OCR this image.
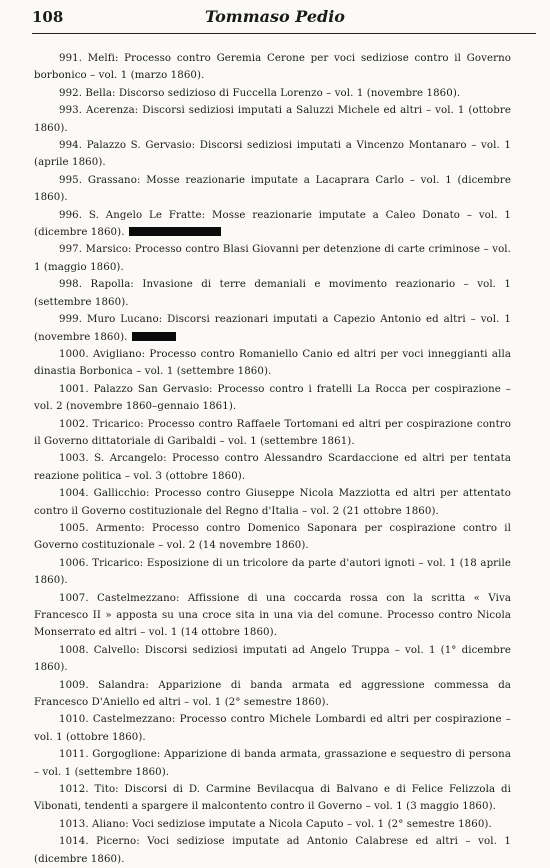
108	Tommaso Pedio
991. Melfi: Processo contro Geremia Cerone per voci sediziose contro il Governo borbonico – vol. 1 (marzo 1860).
992. Bella: Discorso sedizioso di Fuccella Lorenzo – vol. 1 (novembre 1860).
993. Acerenza: Discorsi sediziosi imputati a Saluzzi Michele ed altri – vol. 1 (ottobre 1860).
994. Palazzo S. Gervasio: Discorsi sediziosi imputati a Vincenzo Montanaro – vol. 1 (aprile 1860).
995. Grassano: Mosse reazionarie imputate a Lacaprara Carlo – vol. 1 (dicembre 1860).
996. S. Angelo Le Fratte: Mosse reazionarie imputate a Caleo Donato – vol. 1 (dicembre 1860).
997. Marsico: Processo contro Blasi Giovanni per detenzione di carte criminose – vol. 1 (maggio 1860).
998. Rapolla: Invasione di terre demaniali e movimento reazionario – vol. 1 (settembre 1860).
999. Muro Lucano: Discorsi reazionari imputati a Capezio Antonio ed altri – vol. 1 (novembre 1860).
1000. Avigliano: Processo contro Romaniello Canio ed altri per voci inneggianti alla dinastia Borbonica – vol. 1 (settembre 1860).
1001. Palazzo San Gervasio: Processo contro i fratelli La Rocca per cospirazione – vol. 2 (novembre 1860–gennaio 1861).
1002. Tricarico: Processo contro Raffaele Tortomani ed altri per cospirazione contro il Governo dittatoriale di Garibaldi – vol. 1 (settembre 1861).
1003. S. Arcangelo: Processo contro Alessandro Scardaccione ed altri per tentata reazione politica – vol. 3 (ottobre 1860).
1004. Gallicchio: Processo contro Giuseppe Nicola Mazziotta ed altri per attentato contro il Governo costituzionale del Regno d'Italia – vol. 2 (21 ottobre 1860).
1005. Armento: Processo contro Domenico Saponara per cospirazione contro il Governo costituzionale – vol. 2 (14 novembre 1860).
1006. Tricarico: Esposizione di un tricolore da parte d'autori ignoti – vol. 1 (18 aprile 1860).
1007. Castelmezzano: Affissione di una coccarda rossa con la scritta « Viva Francesco II » apposta su una croce sita in una via del comune. Processo contro Nicola Monserrato ed altri – vol. 1 (14 ottobre 1860).
1008. Calvello: Discorsi sediziosi imputati ad Angelo Truppa – vol. 1 (1° dicembre 1860).
1009. Salandra: Apparizione di banda armata ed aggressione commessa da Francesco D'Aniello ed altri – vol. 1 (2° semestre 1860).
1010. Castelmezzano: Processo contro Michele Lombardi ed altri per cospirazione – vol. 1 (ottobre 1860).
1011. Gorgoglione: Apparizione di banda armata, grassazione e sequestro di persona – vol. 1 (settembre 1860).
1012. Tito: Discorsi di D. Carmine Bevilacqua di Balvano e di Felice Felizzola di Vibonati, tendenti a spargere il malcontento contro il Governo – vol. 1 (3 maggio 1860).
1013. Aliano: Voci sediziose imputate a Nicola Caputo – vol. 1 (2° semestre 1860).
1014. Picerno: Voci sediziose imputate ad Antonio Calabrese ed altri – vol. 1 (dicembre 1860).
